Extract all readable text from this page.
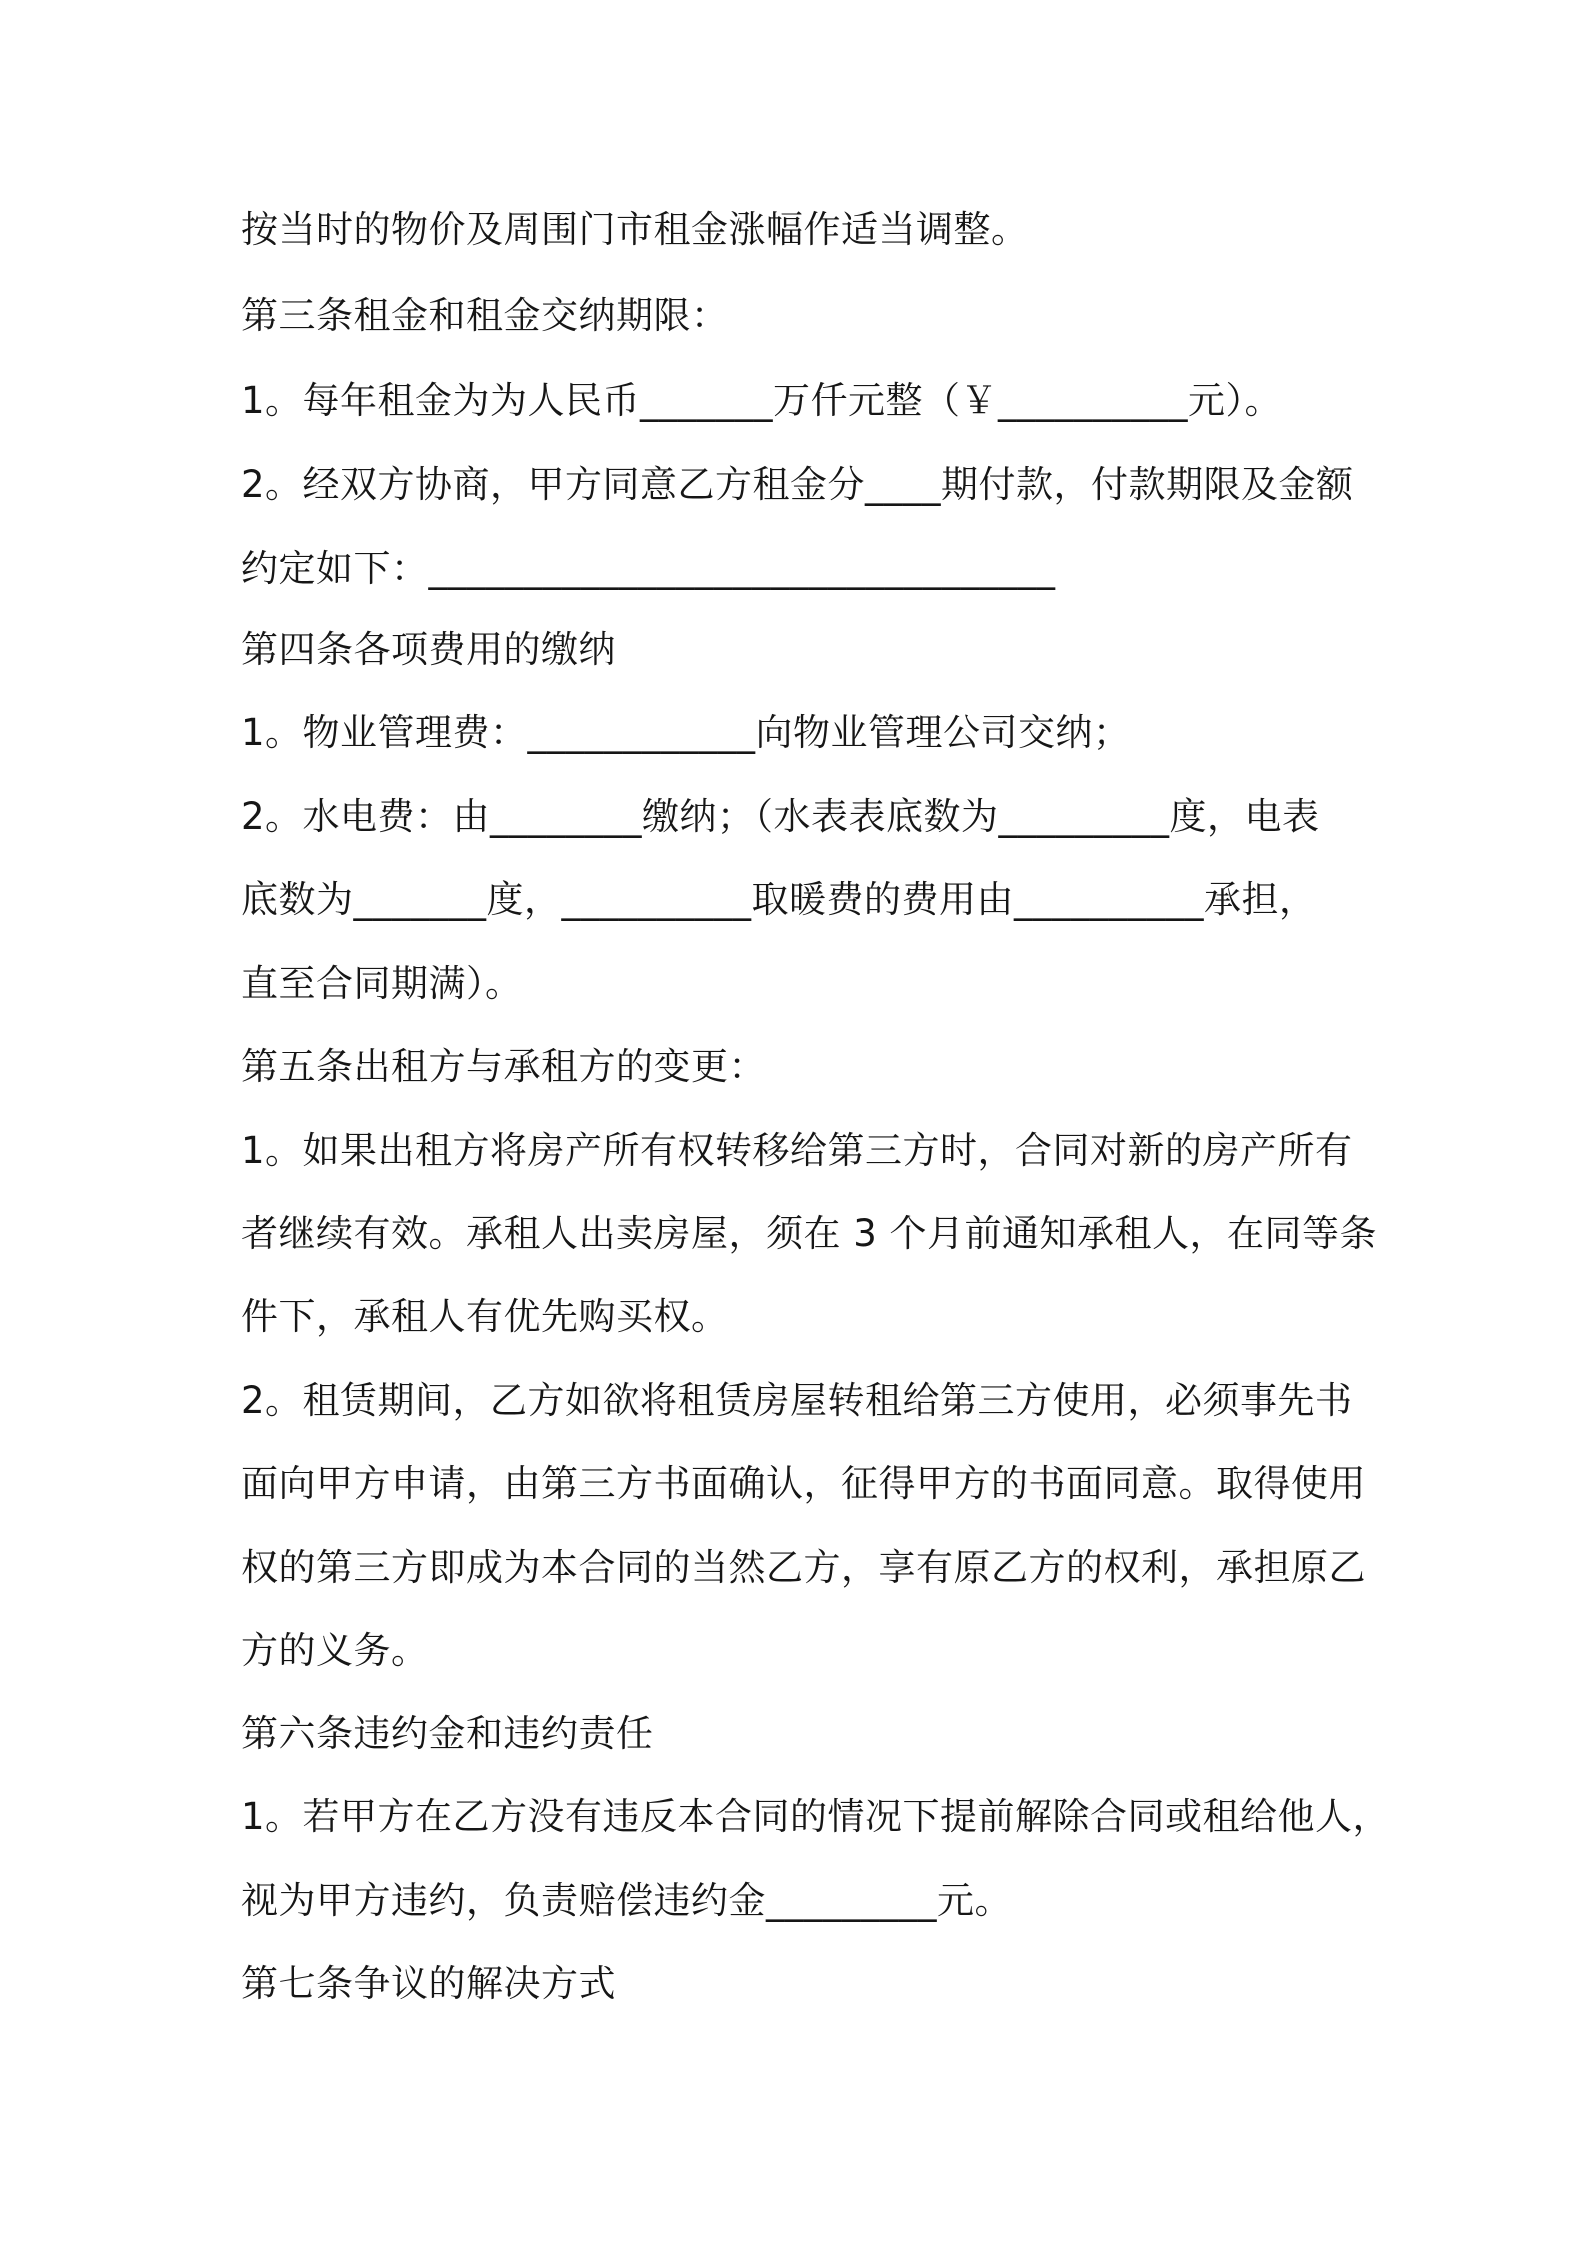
按当时的物价及周围门市租金涨幅作适当调整。
第三条租金和租金交纳期限：
1。每年租金为为人民币_______万仟元整（￥__________元）。
2。经双方协商，甲方同意乙方租金分____期付款，付款期限及金额
约定如下：_________________________________
第四条各项费用的缴纳
1。物业管理费：____________向物业管理公司交纳；
2。水电费：由________缴纳；（水表表底数为_________度，电表
底数为_______度，__________取暖费的费用由__________承担，
直至合同期满）。
第五条出租方与承租方的变更：
1。如果出租方将房产所有权转移给第三方时，合同对新的房产所有
者继续有效。承租人出卖房屋，须在 3 个月前通知承租人，在同等条
件下，承租人有优先购买权。
2。租赁期间，乙方如欲将租赁房屋转租给第三方使用，必须事先书
面向甲方申请，由第三方书面确认，征得甲方的书面同意。取得使用
权的第三方即成为本合同的当然乙方，享有原乙方的权利，承担原乙
方的义务。
第六条违约金和违约责任
1。若甲方在乙方没有违反本合同的情况下提前解除合同或租给他人，
视为甲方违约，负责赔偿违约金_________元。
第七条争议的解决方式
